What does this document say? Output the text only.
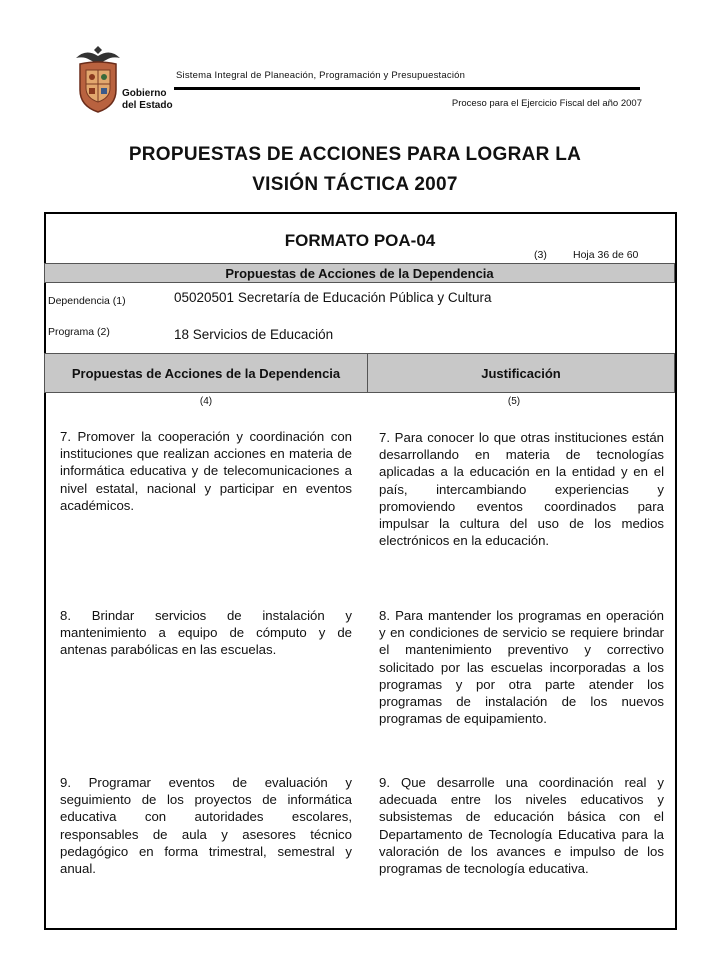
Gobierno
del Estado
Sistema Integral de Planeación, Programación y Presupuestación
Proceso para el Ejercicio Fiscal del año 2007
PROPUESTAS DE ACCIONES PARA LOGRAR LA
VISIÓN TÁCTICA 2007
FORMATO POA-04
(3) Hoja 36 de 60
Propuestas de Acciones de la Dependencia
Dependencia (1)	05020501 Secretaría de Educación Pública y Cultura
Programa (2)	18 Servicios de Educación
Propuestas de Acciones de la Dependencia	Justificación
(4)	(5)
7. Promover la cooperación y coordinación con instituciones que realizan acciones en materia de informática educativa y de telecomunicaciones a nivel estatal, nacional y participar en eventos académicos.
7. Para conocer lo que otras instituciones están desarrollando en materia de tecnologías aplicadas a la educación en la entidad y en el país, intercambiando experiencias y promoviendo eventos coordinados para impulsar la cultura del uso de los medios electrónicos en la educación.
8. Brindar servicios de instalación y mantenimiento a equipo de cómputo y de antenas parabólicas en las escuelas.
8. Para mantender los programas en operación y en condiciones de servicio se requiere brindar el mantenimiento preventivo y correctivo solicitado por las escuelas incorporadas a los programas y por otra parte atender los programas de instalación de los nuevos programas de equipamiento.
9. Programar eventos de evaluación y seguimiento de los proyectos de informática educativa con autoridades escolares, responsables de aula y asesores técnico pedagógico en forma trimestral, semestral y anual.
9. Que desarrolle una coordinación real y adecuada entre los niveles educativos y subsistemas de educación básica con el Departamento de Tecnología Educativa para la valoración de los avances e impulso de los programas de tecnología educativa.
